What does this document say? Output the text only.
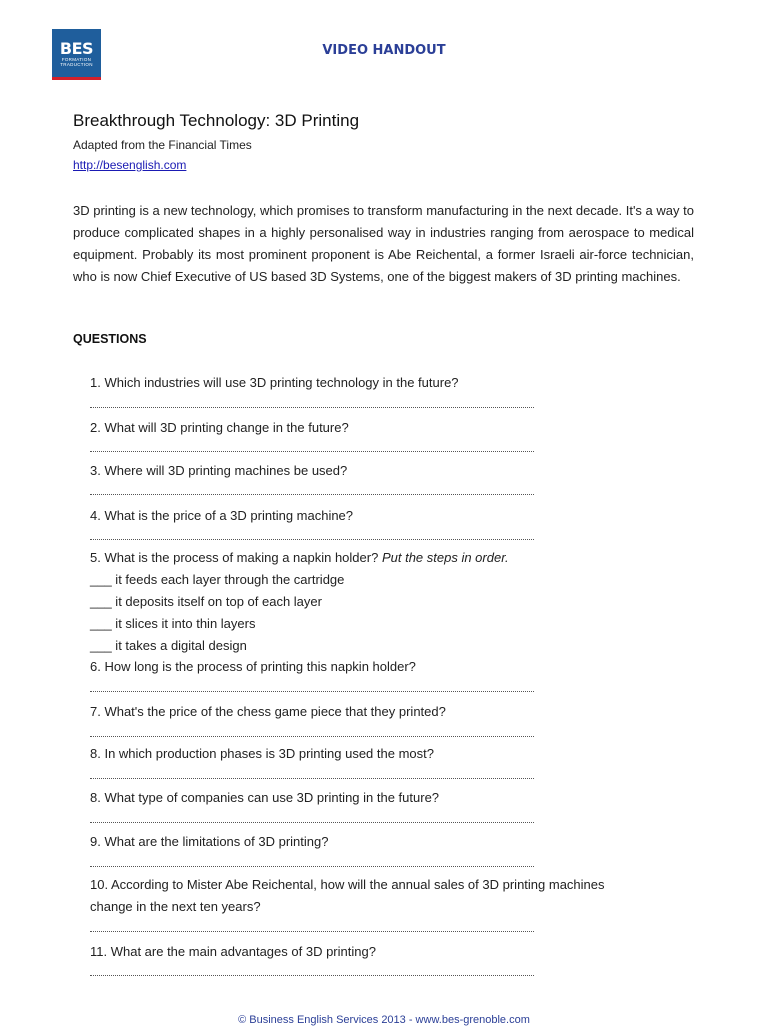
BES
FORMATION
TRADUCTION
VIDEO HANDOUT
Breakthrough Technology: 3D Printing
Adapted from the Financial Times
http://besenglish.com
3D printing is a new technology, which promises to transform manufacturing in the next decade. It's a way to produce complicated shapes in a highly personalised way in industries ranging from aerospace to medical equipment. Probably its most prominent proponent is Abe Reichental, a former Israeli air-force technician, who is now Chief Executive of US based 3D Systems, one of the biggest makers of 3D printing machines.
QUESTIONS
1. Which industries will use 3D printing technology in the future?
2. What will 3D printing change in the future?
3. Where will 3D printing machines be used?
4. What is the price of a 3D printing machine?
5. What is the process of making a napkin holder? Put the steps in order.
___ it feeds each layer through the cartridge
___ it deposits itself on top of each layer
___ it slices it into thin layers
___ it takes a digital design
6. How long is the process of printing this napkin holder?
7. What's the price of the chess game piece that they printed?
8. In which production phases is 3D printing used the most?
8. What type of companies can use 3D printing in the future?
9. What are the limitations of 3D printing?
10. According to Mister Abe Reichental, how will the annual sales of 3D printing machines
change in the next ten years?
11. What are the main advantages of 3D printing?
© Business English Services 2013 - www.bes-grenoble.com
